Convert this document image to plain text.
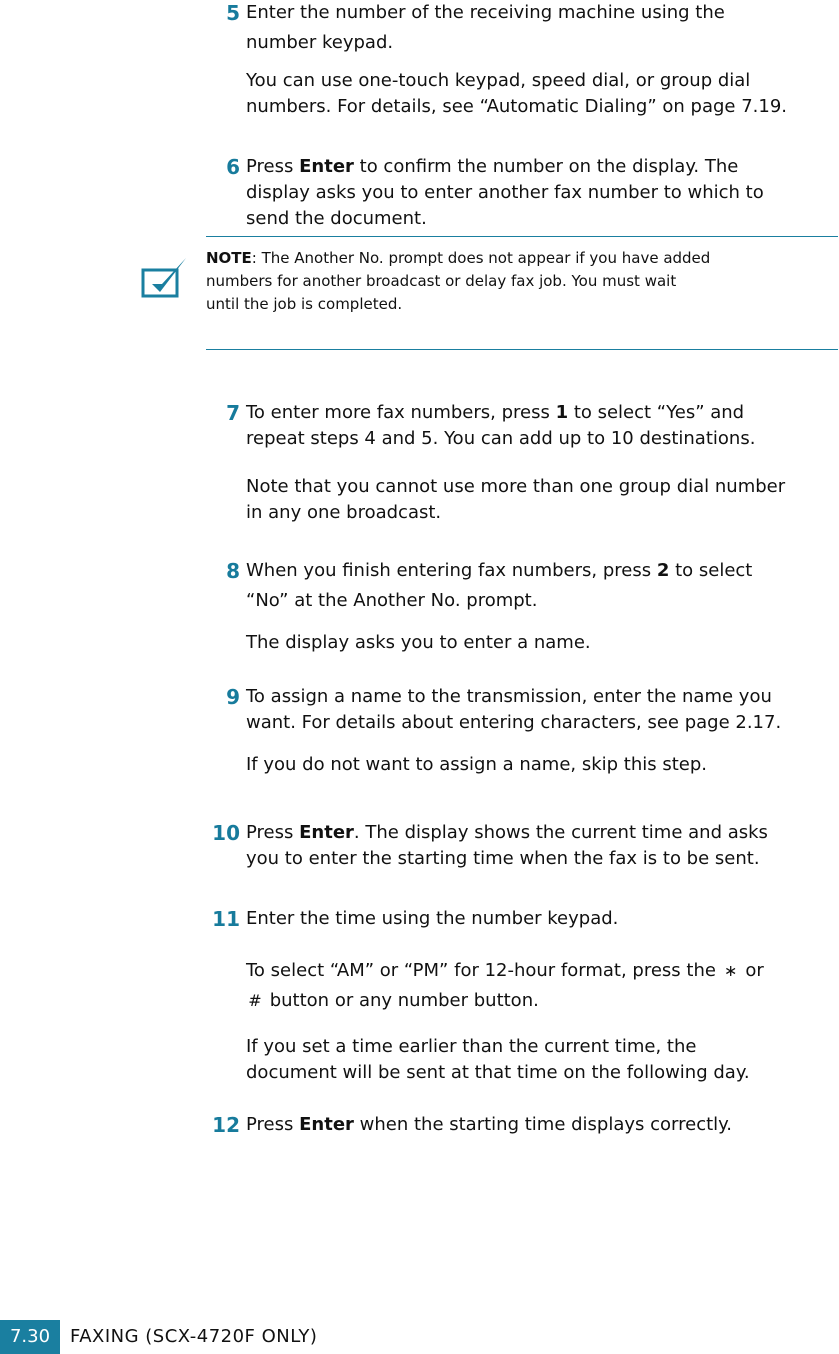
5 Enter the number of the receiving machine using the
number keypad.
You can use one-touch keypad, speed dial, or group dial
numbers. For details, see “Automatic Dialing” on page 7.19.
6 Press Enter to confirm the number on the display. The
display asks you to enter another fax number to which to
send the document.
NOTE: The Another No. prompt does not appear if you have added
numbers for another broadcast or delay fax job. You must wait
until the job is completed.
7 To enter more fax numbers, press 1 to select “Yes” and
repeat steps 4 and 5. You can add up to 10 destinations.
Note that you cannot use more than one group dial number
in any one broadcast.
8 When you finish entering fax numbers, press 2 to select
“No” at the Another No. prompt.
The display asks you to enter a name.
9 To assign a name to the transmission, enter the name you
want. For details about entering characters, see page 2.17.
If you do not want to assign a name, skip this step.
10 Press Enter. The display shows the current time and asks
you to enter the starting time when the fax is to be sent.
11 Enter the time using the number keypad.
To select “AM” or “PM” for 12-hour format, press the ∗ or
# button or any number button.
If you set a time earlier than the current time, the
document will be sent at that time on the following day.
12 Press Enter when the starting time displays correctly.
7.30	FAXING (SCX-4720F ONLY)
